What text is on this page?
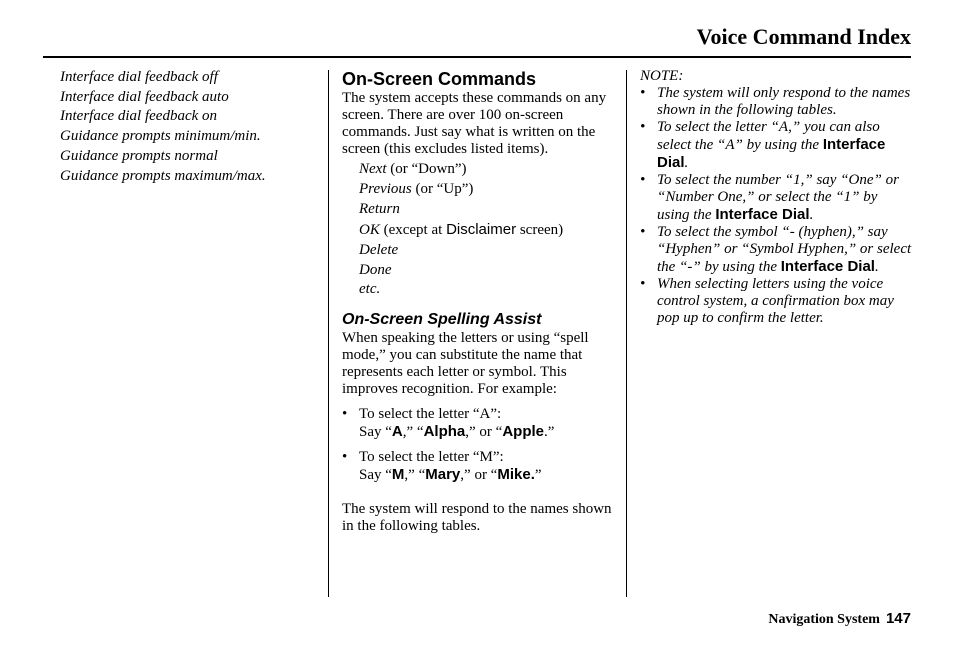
Voice Command Index
Interface dial feedback off
Interface dial feedback auto
Interface dial feedback on
Guidance prompts minimum/min.
Guidance prompts normal
Guidance prompts maximum/max.
On-Screen Commands

The system accepts these commands on any screen. There are over 100 on-screen commands. Just say what is written on the screen (this excludes listed items).

Next (or “Down”)
Previous (or “Up”)
Return
OK (except at Disclaimer screen)
Delete
Done
etc.
On-Screen Spelling Assist

When speaking the letters or using “spell mode,” you can substitute the name that represents each letter or symbol. This improves recognition. For example:

• To select the letter “A”:
Say “A,” “Alpha,” or “Apple.”
• To select the letter “M”:
Say “M,” “Mary,” or “Mike.”

The system will respond to the names shown in the following tables.

NOTE:
• The system will only respond to the names shown in the following tables.
• To select the letter “A,” you can also select the “A” by using the Interface Dial.
• To select the number “1,” say “One” or “Number One,” or select the “1” by using the Interface Dial.
• To select the symbol “- (hyphen),” say “Hyphen” or “Symbol Hyphen,” or select the “-” by using the Interface Dial.
• When selecting letters using the voice control system, a confirmation box may pop up to confirm the letter.
Navigation System 147
